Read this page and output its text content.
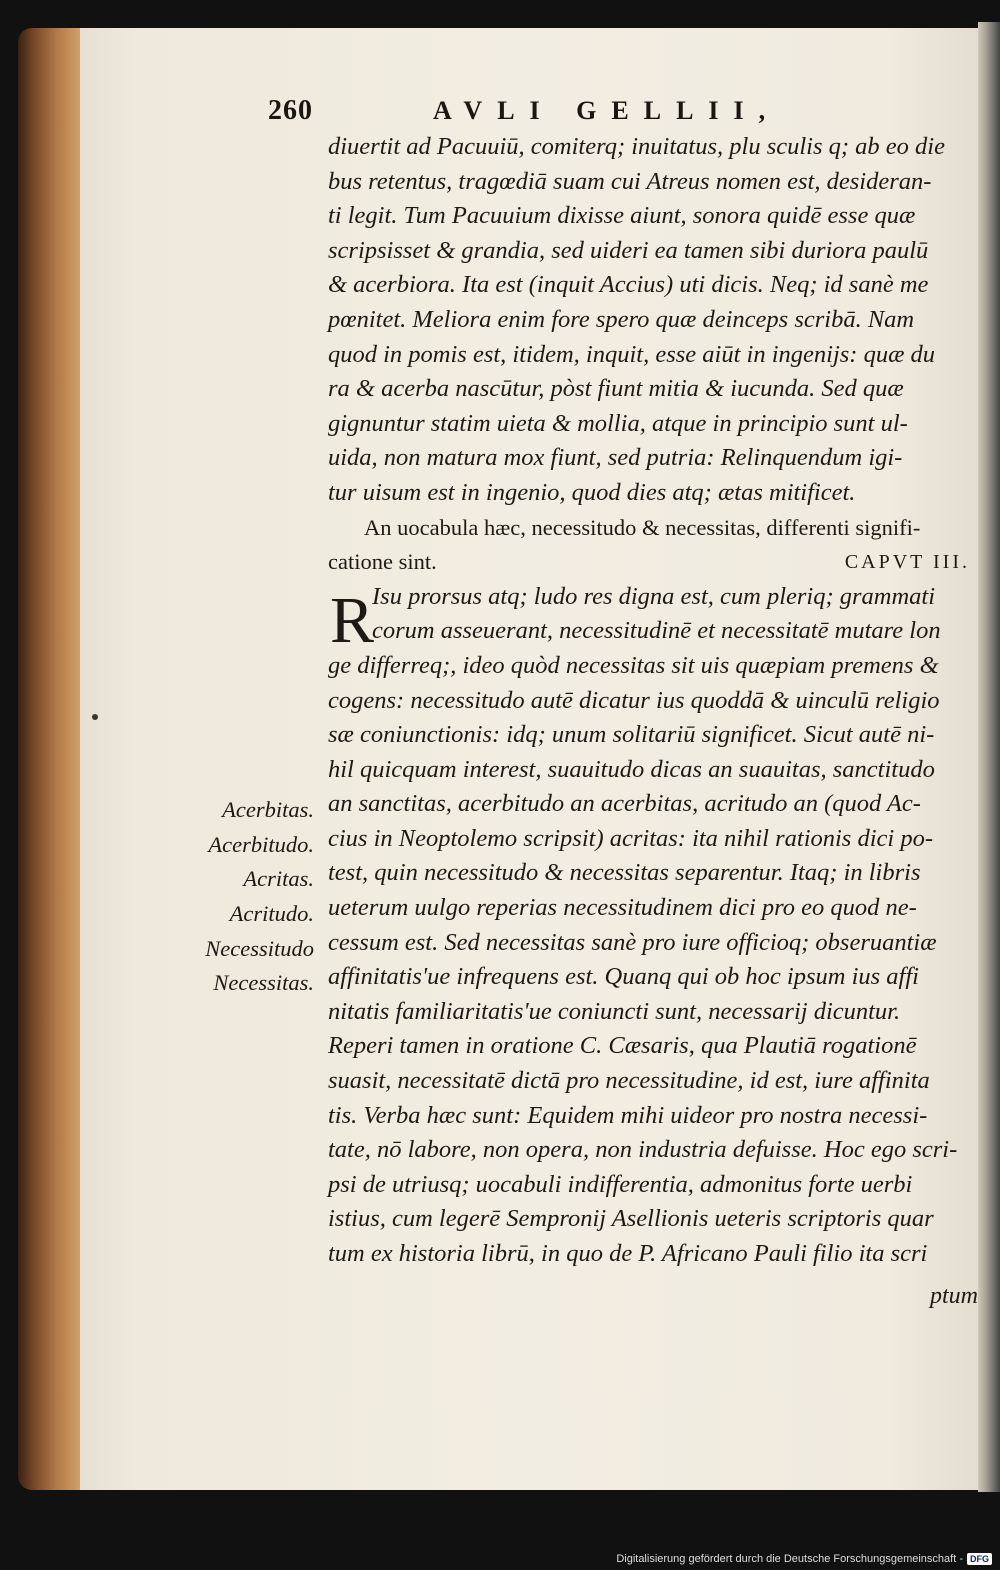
260	AVLI GELLII,
R
diuertit ad Pacuuiū, comiterq; inuitatus, plu sculis q; ab eo die
bus retentus, tragœdiā suam cui Atreus nomen est, desideran-
ti legit. Tum Pacuuium dixisse aiunt, sonora quidē esse quæ
scripsisset & grandia, sed uideri ea tamen sibi duriora paulū
& acerbiora. Ita est (inquit Accius) uti dicis. Neq; id sanè me
pœnitet. Meliora enim fore spero quæ deinceps scribā. Nam
quod in pomis est, itidem, inquit, esse aiūt in ingenijs: quæ du
ra & acerba nascūtur, pòst fiunt mitia & iucunda. Sed quæ
gignuntur statim uieta & mollia, atque in principio sunt ul-
uida, non matura mox fiunt, sed putria: Relinquendum igi-
tur uisum est in ingenio, quod dies atq; ætas mitificet.
An uocabula hæc, necessitudo & necessitas, differenti signifi-
catione sint.	CAPVT III.
Isu prorsus atq; ludo res digna est, cum pleriq; grammati
corum asseuerant, necessitudinē et necessitatē mutare lon
ge differreq;, ideo quòd necessitas sit uis quæpiam premens &
cogens: necessitudo autē dicatur ius quoddā & uinculū religio
sæ coniunctionis: idq; unum solitariū significet. Sicut autē ni-
hil quicquam interest, suauitudo dicas an suauitas, sanctitudo
an sanctitas, acerbitudo an acerbitas, acritudo an (quod Ac-
cius in Neoptolemo scripsit) acritas: ita nihil rationis dici po-
test, quin necessitudo & necessitas separentur. Itaq; in libris
ueterum uulgo reperias necessitudinem dici pro eo quod ne-
cessum est. Sed necessitas sanè pro iure officioq; obseruantiæ
affinitatis'ue infrequens est. Quanq qui ob hoc ipsum ius affi
nitatis familiaritatis'ue coniuncti sunt, necessarij dicuntur.
Reperi tamen in oratione C. Cæsaris, qua Plautiā rogationē
suasit, necessitatē dictā pro necessitudine, id est, iure affinita
tis. Verba hæc sunt: Equidem mihi uideor pro nostra necessi-
tate, nō labore, non opera, non industria defuisse. Hoc ego scri-
psi de utriusq; uocabuli indifferentia, admonitus forte uerbi
istius, cum legerē Sempronij Asellionis ueteris scriptoris quar
tum ex historia librū, in quo de P. Africano Pauli filio ita scri
ptum
Acerbitas.
Acerbitudo.
Acritas.
Acritudo.
Necessitudo
Necessitas.
Digitalisierung gefördert durch die Deutsche Forschungsgemeinschaft - DFG
